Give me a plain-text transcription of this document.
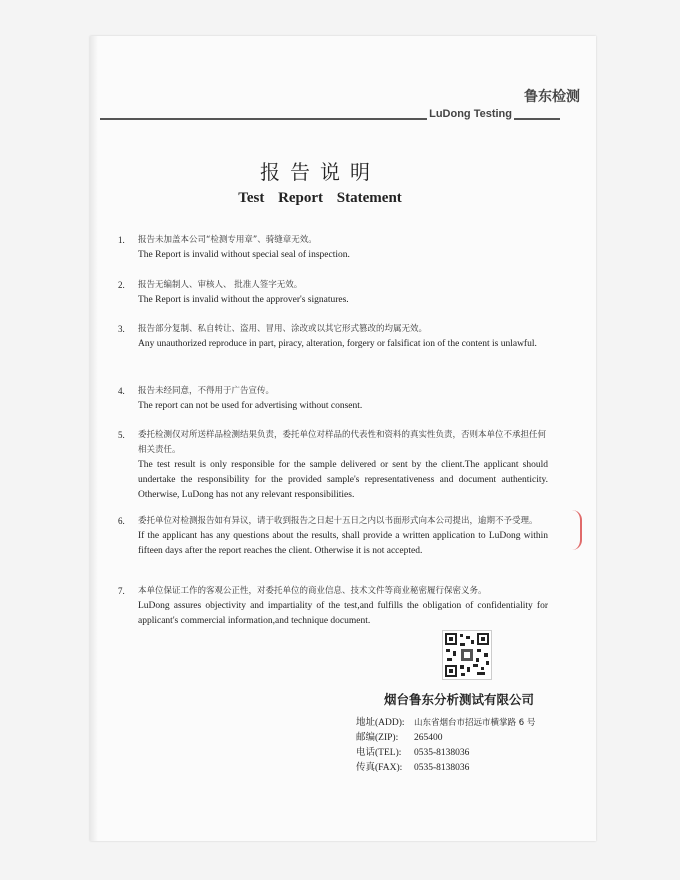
鲁东检测
LuDong Testing
报告说明
Test Report Statement
1. 报告未加盖本公司“检测专用章”、骑缝章无效。
The Report is invalid without special seal of inspection.
2. 报告无编制人、审核人、 批准人签字无效。
The Report is invalid without the approver's signatures.
3. 报告部分复制、私自转让、盗用、冒用、涂改或以其它形式篡改的均属无效。
Any unauthorized reproduce in part, piracy, alteration, forgery or falsificat ion of the content is unlawful.
4. 报告未经同意，不得用于广告宣传。
The report can not be used for advertising without consent.
5. 委托检测仅对所送样品检测结果负责，委托单位对样品的代表性和资料的真实性负责，否则本单位不承担任何相关责任。
The test result is only responsible for the sample delivered or sent by the client.The applicant should undertake the responsibility for the provided sample's representativeness and document authenticity. Otherwise, LuDong has not any relevant responsibilities.
6. 委托单位对检测报告如有异议，请于收到报告之日起十五日之内以书面形式向本公司提出，逾期不予受理。
If the applicant has any questions about the results, shall provide a written application to LuDong within fifteen days after the report reaches the client. Otherwise it is not accepted.
7. 本单位保证工作的客观公正性，对委托单位的商业信息、技术文件等商业秘密履行保密义务。
LuDong assures objectivity and impartiality of the test,and fulfills the obligation of confidentiality for applicant's commercial information,and technique document.
烟台鲁东分析测试有限公司
地址(ADD): 山东省烟台市招远市横掌路 6 号
邮编(ZIP): 265400
电话(TEL): 0535-8138036
传真(FAX): 0535-8138036
